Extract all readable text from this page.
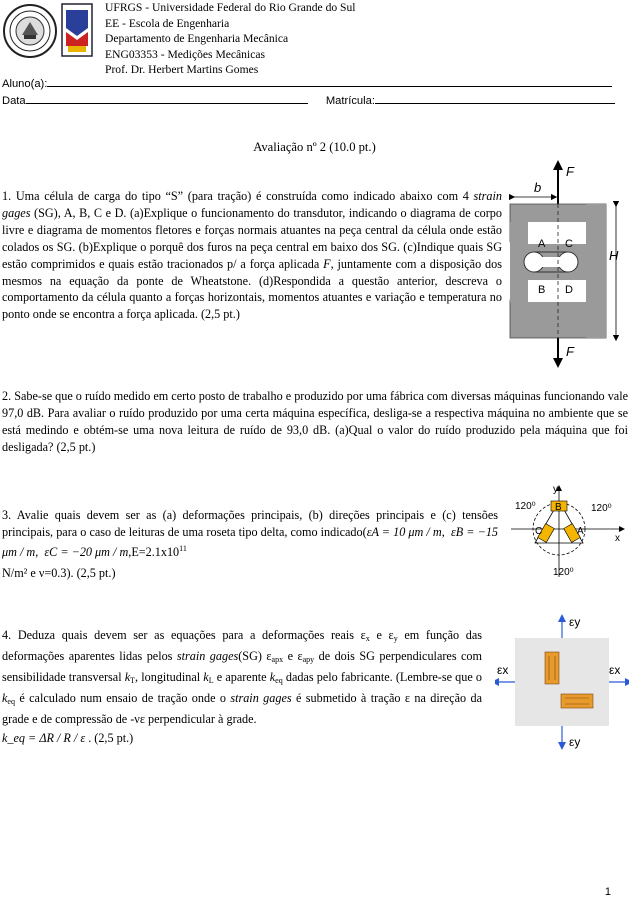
UFRGS - Universidade Federal do Rio Grande do Sul
EE - Escola de Engenharia
Departamento de Engenharia Mecânica
ENG03353 - Medições Mecânicas
Prof. Dr. Herbert Martins Gomes
Aluno(a):
Data	Matrícula:
Avaliação nº 2 (10.0 pt.)
1. Uma célula de carga do tipo “S” (para tração) é construída como indicado abaixo com 4 strain gages (SG), A, B, C e D. (a)Explique o funcionamento do transdutor, indicando o diagrama de corpo livre e diagrama de momentos fletores e forças normais atuantes na peça central da célula onde estão colados os SG. (b)Explique o porquê dos furos na peça central em baixo dos SG. (c)Indique quais SG estão comprimidos e quais estão tracionados p/ a força aplicada F, juntamente com a disposição dos mesmos na equação da ponte de Wheatstone. (d)Respondida a questão anterior, descreva o comportamento da célula quanto a forças horizontais, momentos atuantes e variação e temperatura no ponto onde se encontra a força aplicada. (2,5 pt.)
F
b
A C
B D
H
F
2. Sabe-se que o ruído medido em certo posto de trabalho e produzido por uma fábrica com diversas máquinas funcionando vale 97,0 dB. Para avaliar o ruído produzido por uma certa máquina específica, desliga-se a respectiva máquina no ambiente que se está medindo e obtém-se uma nova leitura de ruído de 93,0 dB. (a)Qual o valor do ruído produzido pela máquina que foi desligada? (2,5 pt.)
3. Avalie quais devem ser as (a) deformações principais, (b) direções principais e (c) tensões principais, para o caso de leituras de uma roseta tipo delta, como indicado(εA = 10 μm / m,  εB = −15 μm / m,  εC = −20 $\mu m / m,E=2.1x10^{11}$
N/m² e ν=0.3). (2,5 pt.)
y
x
B
A
C
120⁰	120⁰
120⁰
4. Deduza quais devem ser as equações para a deformações reais $\varepsilon_x$ e $\varepsilon_y$ em função das deformações aparentes lidas pelos strain gages(SG) $\varepsilon_{apx}$ e $\varepsilon_{apy}$ de dois SG perpendiculares com sensibilidade transversal $k_T$, longitudinal $k_L$ e aparente $k_{eq}$ dadas pelo fabricante. (Lembre-se que o $k_{eq}$ é calculado num ensaio de tração onde o strain gages é submetido à tração ε na direção da grade e de compressão de -νε perpendicular à grade.
k_eq = ΔR / R / ε . (2,5 pt.)
εy
εy
εx	εx
1
